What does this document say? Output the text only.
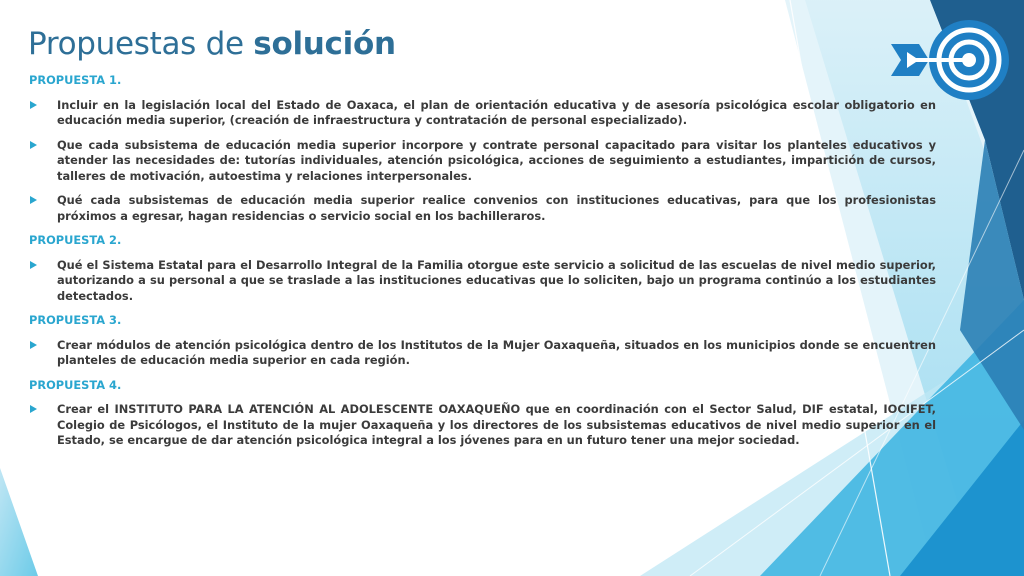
Propuestas de solución

PROPUESTA 1.

Incluir en la legislación local del Estado de Oaxaca, el plan de orientación educativa y de asesoría psicológica escolar obligatorio en educación media superior, (creación de infraestructura y contratación de personal especializado).

Que cada subsistema de educación media superior incorpore y contrate personal capacitado para visitar los planteles educativos y atender las necesidades de: tutorías individuales, atención psicológica, acciones de seguimiento a estudiantes, impartición de cursos, talleres de motivación, autoestima y relaciones interpersonales.

Qué cada subsistemas de educación media superior realice convenios con instituciones educativas, para que los profesionistas próximos a egresar, hagan residencias o servicio social en los bachilleraros.

PROPUESTA 2.

Qué el Sistema Estatal para el Desarrollo Integral de la Familia otorgue este servicio a solicitud de las escuelas de nivel medio superior, autorizando a su personal a que se traslade a las instituciones educativas que lo soliciten, bajo un programa continúo a los estudiantes detectados.

PROPUESTA 3.

Crear módulos de atención psicológica dentro de los Institutos de la Mujer Oaxaqueña, situados en los municipios donde se encuentren planteles de educación media superior en cada región.

PROPUESTA 4.

Crear el INSTITUTO PARA LA ATENCIÓN AL ADOLESCENTE OAXAQUEÑO que en coordinación con el Sector Salud, DIF estatal, IOCIFET, Colegio de Psicólogos, el Instituto de la mujer Oaxaqueña y los directores de los subsistemas educativos de nivel medio superior en el Estado, se encargue de dar atención psicológica integral a los jóvenes para en un futuro tener una mejor sociedad.
